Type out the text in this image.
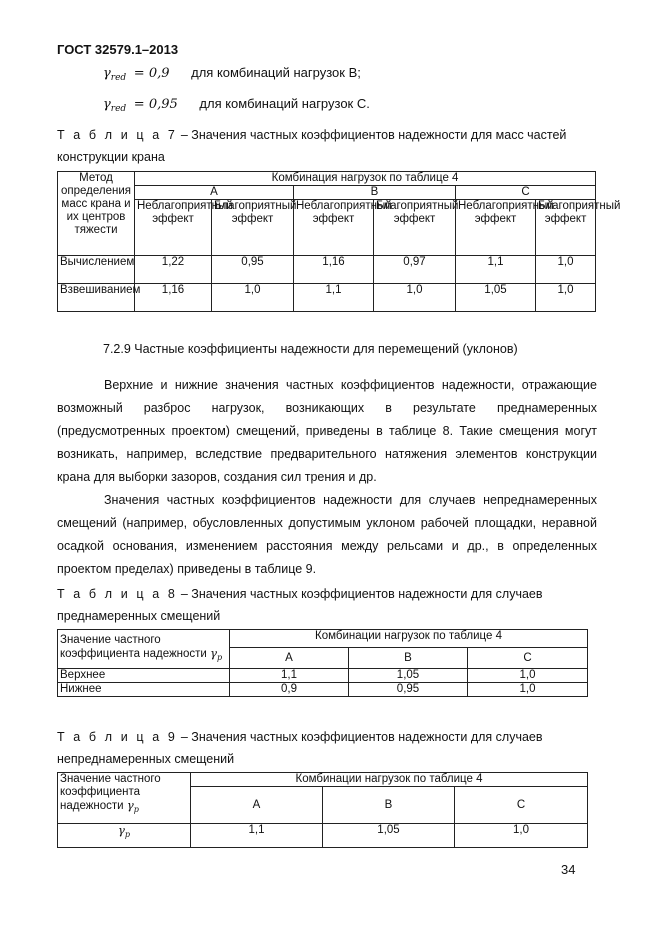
ГОСТ 32579.1–2013
$\gamma_{red} = 0,9$ для комбинаций нагрузок В;
$\gamma_{red} = 0,95$ для комбинаций нагрузок С.
Т а б л и ц а 7 – Значения частных коэффициентов надежности для масс частей конструкции крана
Метод определения масс крана и их центров тяжести	Комбинация нагрузок по таблице 4					
	А		В		С	
	Неблагоприятный эффект	Благоприятный эффект	Неблагоприятный эффект	Благоприятный эффект	Неблагоприятный эффект	Благоприятный эффект
Вычислением	1,22	0,95	1,16	0,97	1,1	1,0
Взвешиванием	1,16	1,0	1,1	1,0	1,05	1,0
7.2.9 Частные коэффициенты надежности для перемещений (уклонов)

Верхние и нижние значения частных коэффициентов надежности, отражающие возможный разброс нагрузок, возникающих в результате преднамеренных (предусмотренных проектом) смещений, приведены в таблице 8. Такие смещения могут возникать, например, вследствие предварительного натяжения элементов конструкции крана для выборки зазоров, создания сил трения и др.

Значения частных коэффициентов надежности для случаев непреднамеренных смещений (например, обусловленных допустимым уклоном рабочей площадки, неравной осадкой основания, изменением расстояния между рельсами и др., в определенных проектом пределах) приведены в таблице 9.

Т а б л и ц а 8 – Значения частных коэффициентов надежности для случаев преднамеренных смещений
Значение частного коэффициента надежности $\gamma_p$	Комбинации нагрузок по таблице 4		
	А	В	С
Верхнее	1,1	1,05	1,0
Нижнее	0,9	0,95	1,0
Т а б л и ц а 9 – Значения частных коэффициентов надежности для случаев непреднамеренных смещений
Значение частного коэффициента надежности $\gamma_p$	Комбинации нагрузок по таблице 4		
	А	В	С
$\gamma_p$	1,1	1,05	1,0
34
